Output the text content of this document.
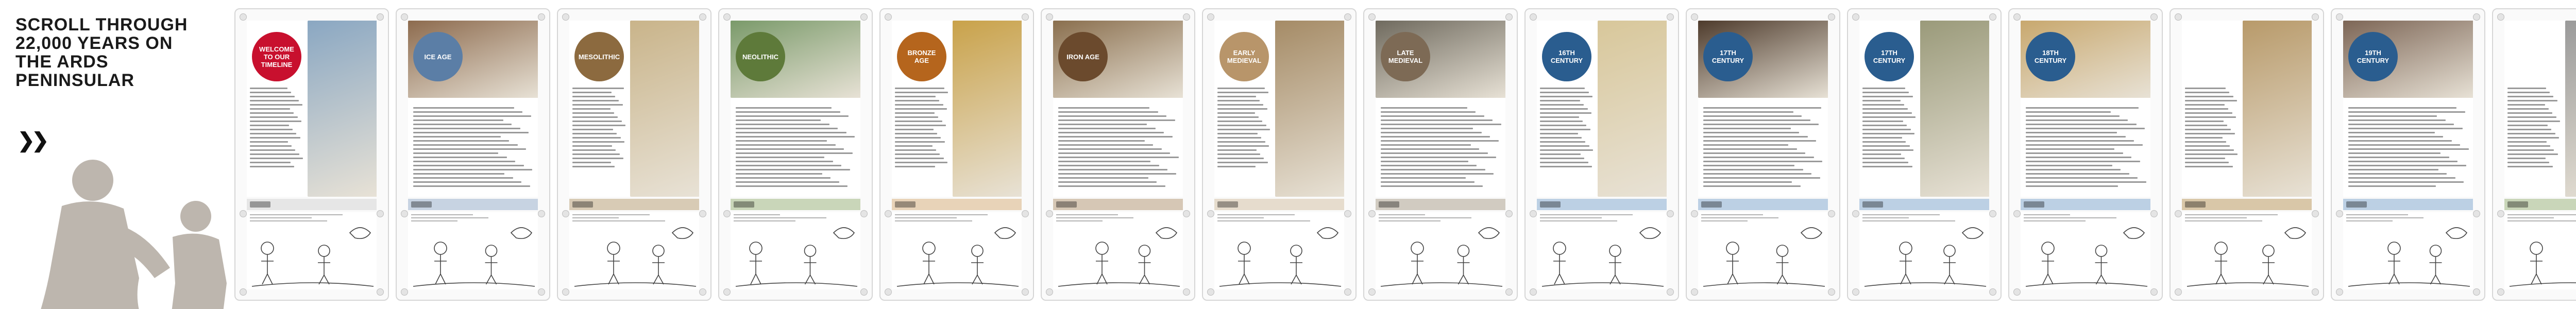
SCROLL THROUGH 22,000 YEARS ON THE ARDS PENINSULAR
❯❯
WELCOME TO OUR TIMELINE
ICE AGE	MESOLITHIC	NEOLITHIC	BRONZE AGE	IRON AGE	EARLY MEDIEVAL
LATE MEDIEVAL
16TH CENTURY
17TH CENTURY
17TH CENTURY
18TH CENTURY
19TH CENTURY
